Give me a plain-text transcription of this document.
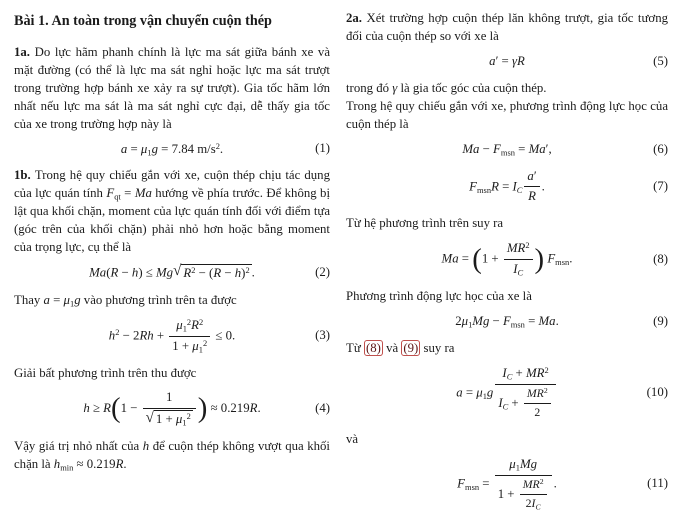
Bài 1. An toàn trong vận chuyển cuộn thép
1a. Do lực hãm phanh chính là lực ma sát giữa bánh xe và mặt đường (có thể là lực ma sát nghỉ hoặc lực ma sát trượt trong trường hợp bánh xe xảy ra sự trượt). Gia tốc hãm lớn nhất nếu lực ma sát là ma sát nghỉ cực đại, dễ thấy gia tốc của xe trong trường hợp này là
$a = \mu_1g = 7.84$ $m/s^2$.	(1)
1b. Trong hệ quy chiếu gắn với xe, cuộn thép chịu tác dụng của lực quán tính $F_{qt} = Ma$ hướng về phía trước. Để không bị lật qua khối chặn, moment của lực quán tính đối với điểm tựa (góc trên của khối chặn) phải nhỏ hơn hoặc bằng moment của trọng lực, cụ thể là
Ma(R − h) ≤ Mg √ $R^2 - (R - h)^2$ .	(2)
Thay $a = \mu_1g$ vào phương trình trên ta được
$h^2 - 2Rh + \frac{\mu_1^2R^2}{1 + \mu_1^2} \le 0$.	(3)
Giải bất phương trình trên thu được
$h \ge R(1 - \frac{1}{√ 1 + \mu_1^2}$ ) ≈ 0.219R.	(4)
Vậy giá trị nhỏ nhất của h để cuộn thép không vượt qua khối chặn là $h_{min} \approx 0.219R$.
2a. Xét trường hợp cuộn thép lăn không trượt, gia tốc tương đối của cuộn thép so với xe là
a′ = γR	(5)
trong đó γ là gia tốc góc của cuộn thép.
Trong hệ quy chiếu gắn với xe, phương trình động lực học của cuộn thép là
$Ma - F_{msn} = Ma'$,	(6)
$F_{msn}R = I_C \frac{a'}{R}$ .	(7)
Từ hệ phương trình trên suy ra
$Ma = (1 + \frac{MR^2}{I_C}$ ) $F_{msn}$.	(8)
Phương trình động lực học của xe là
$2\mu_1Mg - F_{msn} = Ma$.	(9)
Từ (8) và (9) suy ra
$a = \mu_1g \frac{I_C + MR^2}{I_C + \frac{MR^2}{2}}$	(10)
và
$F_{msn} = \frac{\mu_1Mg}{1 + \frac{MR^2}{2I_C}}$ .	(11)
